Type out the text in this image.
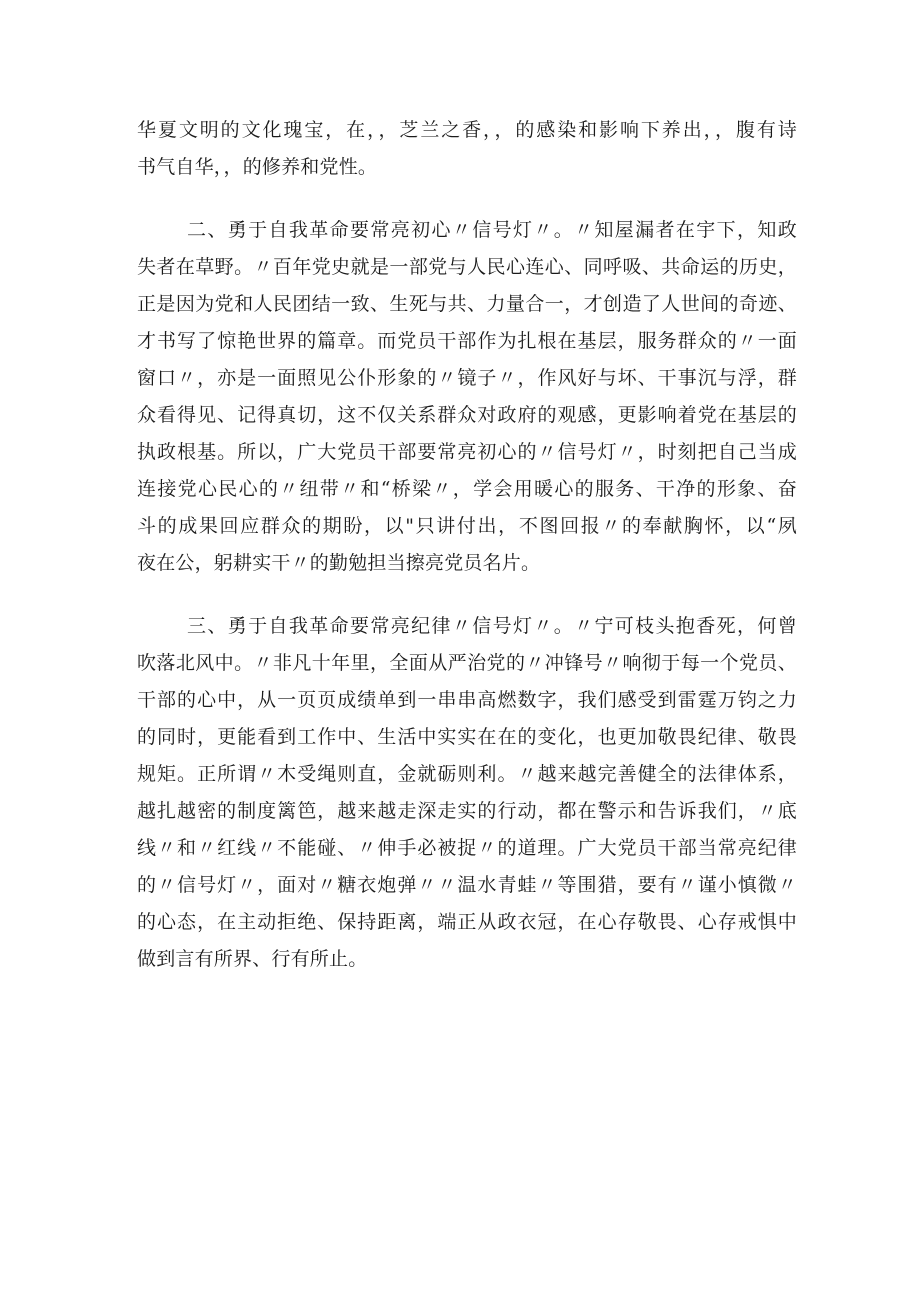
华夏文明的文化瑰宝，在，，芝兰之香，，的感染和影响下养出，，腹有诗
书气自华，，的修养和党性。
二、勇于自我革命要常亮初心〃信号灯〃。〃知屋漏者在宇下，知政
失者在草野。〃百年党史就是一部党与人民心连心、同呼吸、共命运的历史，
正是因为党和人民团结一致、生死与共、力量合一，才创造了人世间的奇迹、
才书写了惊艳世界的篇章。而党员干部作为扎根在基层，服务群众的〃一面
窗口〃，亦是一面照见公仆形象的〃镜子〃，作风好与坏、干事沉与浮，群
众看得见、记得真切，这不仅关系群众对政府的观感，更影响着党在基层的
执政根基。所以，广大党员干部要常亮初心的〃信号灯〃，时刻把自己当成
连接党心民心的〃纽带〃和“桥梁〃，学会用暖心的服务、干净的形象、奋
斗的成果回应群众的期盼，以"只讲付出，不图回报〃的奉献胸怀，以“夙
夜在公，躬耕实干〃的勤勉担当擦亮党员名片。
三、勇于自我革命要常亮纪律〃信号灯〃。〃宁可枝头抱香死，何曾
吹落北风中。〃非凡十年里，全面从严治党的〃冲锋号〃响彻于每一个党员、
干部的心中，从一页页成绩单到一串串高燃数字，我们感受到雷霆万钧之力
的同时，更能看到工作中、生活中实实在在的变化，也更加敬畏纪律、敬畏
规矩。正所谓〃木受绳则直，金就砺则利。〃越来越完善健全的法律体系，
越扎越密的制度篱笆，越来越走深走实的行动，都在警示和告诉我们，〃底
线〃和〃红线〃不能碰、〃伸手必被捉〃的道理。广大党员干部当常亮纪律
的〃信号灯〃，面对〃糖衣炮弹〃〃温水青蛙〃等围猎，要有〃谨小慎微〃
的心态，在主动拒绝、保持距离，端正从政衣冠，在心存敬畏、心存戒惧中
做到言有所界、行有所止。
